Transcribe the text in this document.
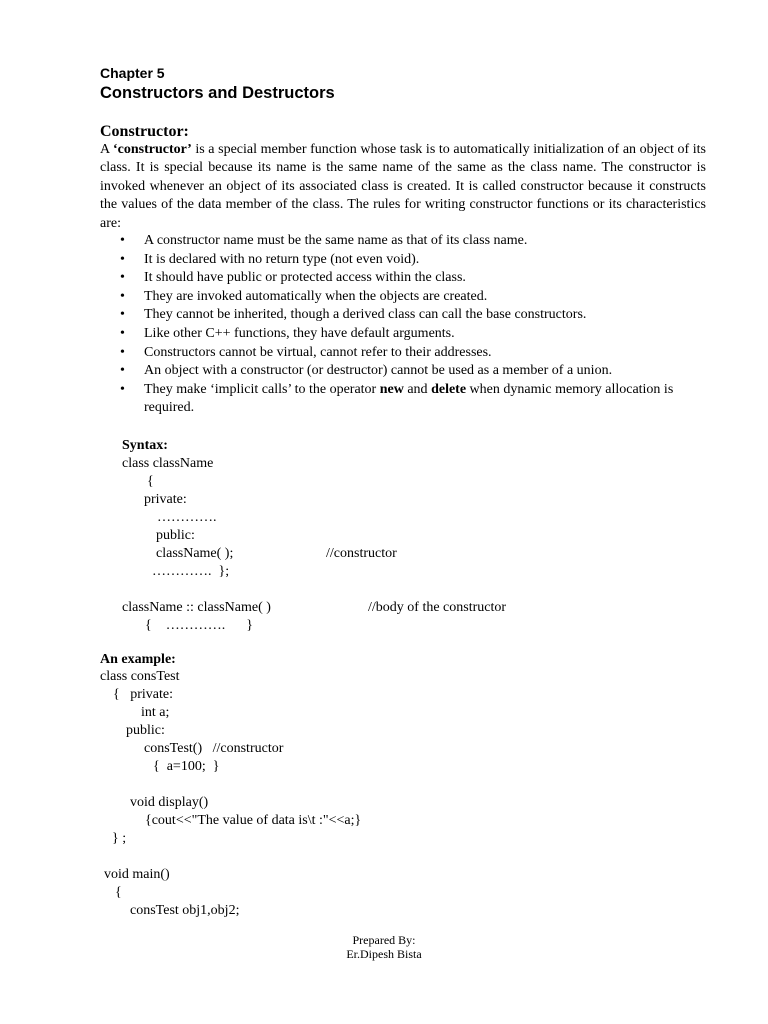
Chapter 5
Constructors and Destructors
Constructor:

A ‘constructor’ is a special member function whose task is to automatically initialization of an object of its class. It is special because its name is the same name of the same as the class name. The constructor is invoked whenever an object of its associated class is created. It is called constructor because it constructs the values of the data member of the class. The rules for writing constructor functions or its characteristics are:

• A constructor name must be the same name as that of its class name.
• It is declared with no return type (not even void).
• It should have public or protected access within the class.
• They are invoked automatically when the objects are created.
• They cannot be inherited, though a derived class can call the base constructors.
• Like other C++ functions, they have default arguments.
• Constructors cannot be virtual, cannot refer to their addresses.
• An object with a constructor (or destructor) cannot be used as a member of a union.
• They make ‘implicit calls’ to the operator new and delete when dynamic memory allocation is required.
Syntax:
class className
{
private:
………….
public:
className( );	//constructor
………….  };
className :: className( )	//body of the constructor
{    ………….      }
An example:
class consTest
{   private:
int a;
public:
consTest()   //constructor
{  a=100;  }
void display()
{cout<<"The value of data is\t :"<<a;}
} ;
void main()
{
consTest obj1,obj2;
Prepared By:
Er.Dipesh Bista
